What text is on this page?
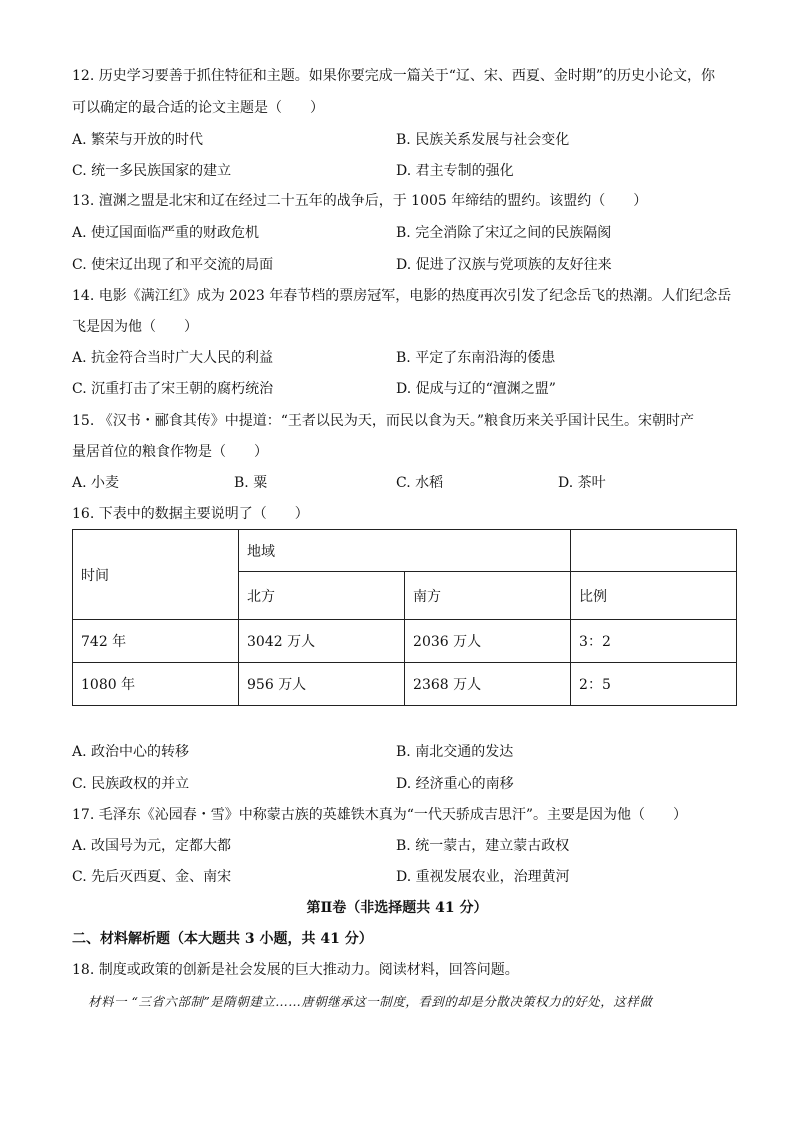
12. 历史学习要善于抓住特征和主题。如果你要完成一篇关于“辽、宋、西夏、金时期”的历史小论文，你
可以确定的最合适的论文主题是（　　）
A. 繁荣与开放的时代	B. 民族关系发展与社会变化
C. 统一多民族国家的建立	D. 君主专制的强化
13. 澶渊之盟是北宋和辽在经过二十五年的战争后，于 1005 年缔结的盟约。该盟约（　　）
A. 使辽国面临严重的财政危机	B. 完全消除了宋辽之间的民族隔阂
C. 使宋辽出现了和平交流的局面	D. 促进了汉族与党项族的友好往来
14. 电影《满江红》成为 2023 年春节档的票房冠军，电影的热度再次引发了纪念岳飞的热潮。人们纪念岳
飞是因为他（　　）
A. 抗金符合当时广大人民的利益	B. 平定了东南沿海的倭患
C. 沉重打击了宋王朝的腐朽统治	D. 促成与辽的“澶渊之盟”
15. 《汉书・郦食其传》中提道：“王者以民为天，而民以食为天。”粮食历来关乎国计民生。宋朝时产
量居首位的粮食作物是（　　）
A. 小麦	B. 粟	C. 水稻	D. 茶叶
16. 下表中的数据主要说明了（　　）
时间	地域		
	北方	南方	比例
742 年	3042 万人	2036 万人	3：2
1080 年	956 万人	2368 万人	2：5
A. 政治中心的转移	B. 南北交通的发达
C. 民族政权的并立	D. 经济重心的南移
17. 毛泽东《沁园春・雪》中称蒙古族的英雄铁木真为“一代天骄成吉思汗”。主要是因为他（　　）
A. 改国号为元，定都大都	B. 统一蒙古，建立蒙古政权
C. 先后灭西夏、金、南宋	D. 重视发展农业，治理黄河
第Ⅱ卷（非选择题共 41 分）
二、材料解析题（本大题共 3 小题，共 41 分）
18. 制度或政策的创新是社会发展的巨大推动力。阅读材料，回答问题。
材料一 “三省六部制”是隋朝建立……唐朝继承这一制度，看到的却是分散决策权力的好处，这样做
